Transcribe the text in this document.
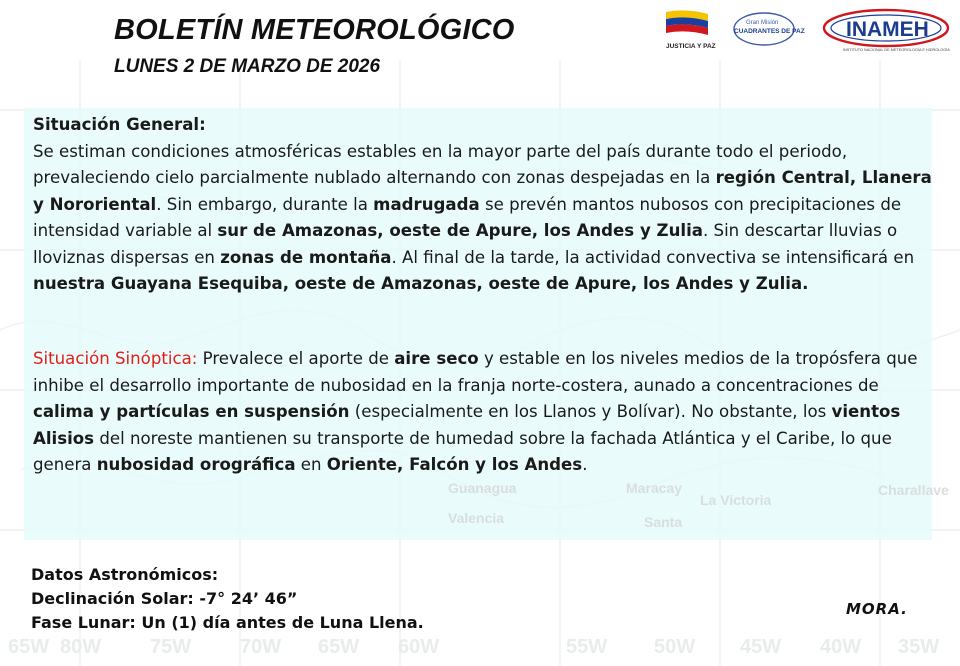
BOLETÍN METEOROLÓGICO
LUNES 2 DE MARZO DE 2026
JUSTICIA Y PAZ
Gran Misión
CUADRANTES DE PAZ INAMEH
INSTITUTO NACIONAL DE METEOROLOGÍA E HIDROLOGÍA
Situación General:
Se estiman condiciones atmosféricas estables en la mayor parte del país durante todo el periodo, prevaleciendo cielo parcialmente nublado alternando con zonas despejadas en la región Central, Llanera y Nororiental. Sin embargo, durante la madrugada se prevén mantos nubosos con precipitaciones de intensidad variable al sur de Amazonas, oeste de Apure, los Andes y Zulia. Sin descartar lluvias o lloviznas dispersas en zonas de montaña. Al final de la tarde, la actividad convectiva se intensificará en nuestra Guayana Esequiba, oeste de Amazonas, oeste de Apure, los Andes y Zulia.
Situación Sinóptica: Prevalece el aporte de aire seco y estable en los niveles medios de la tropósfera que inhibe el desarrollo importante de nubosidad en la franja norte-costera, aunado a concentraciones de calima y partículas en suspensión (especialmente en los Llanos y Bolívar). No obstante, los vientos Alisios del noreste mantienen su transporte de humedad sobre la fachada Atlántica y el Caribe, lo que genera nubosidad orográfica en Oriente, Falcón y los Andes.
Datos Astronómicos:
Declinación Solar: -7° 24’ 46”
Fase Lunar: Un (1) día antes de Luna Llena.
MORA.
65W 80W 75W 70W 65W 60W	55W 50W 45W 40W 35W
Guanagua
Valencia
Maracay
La Victoria
Santa
Charallave
